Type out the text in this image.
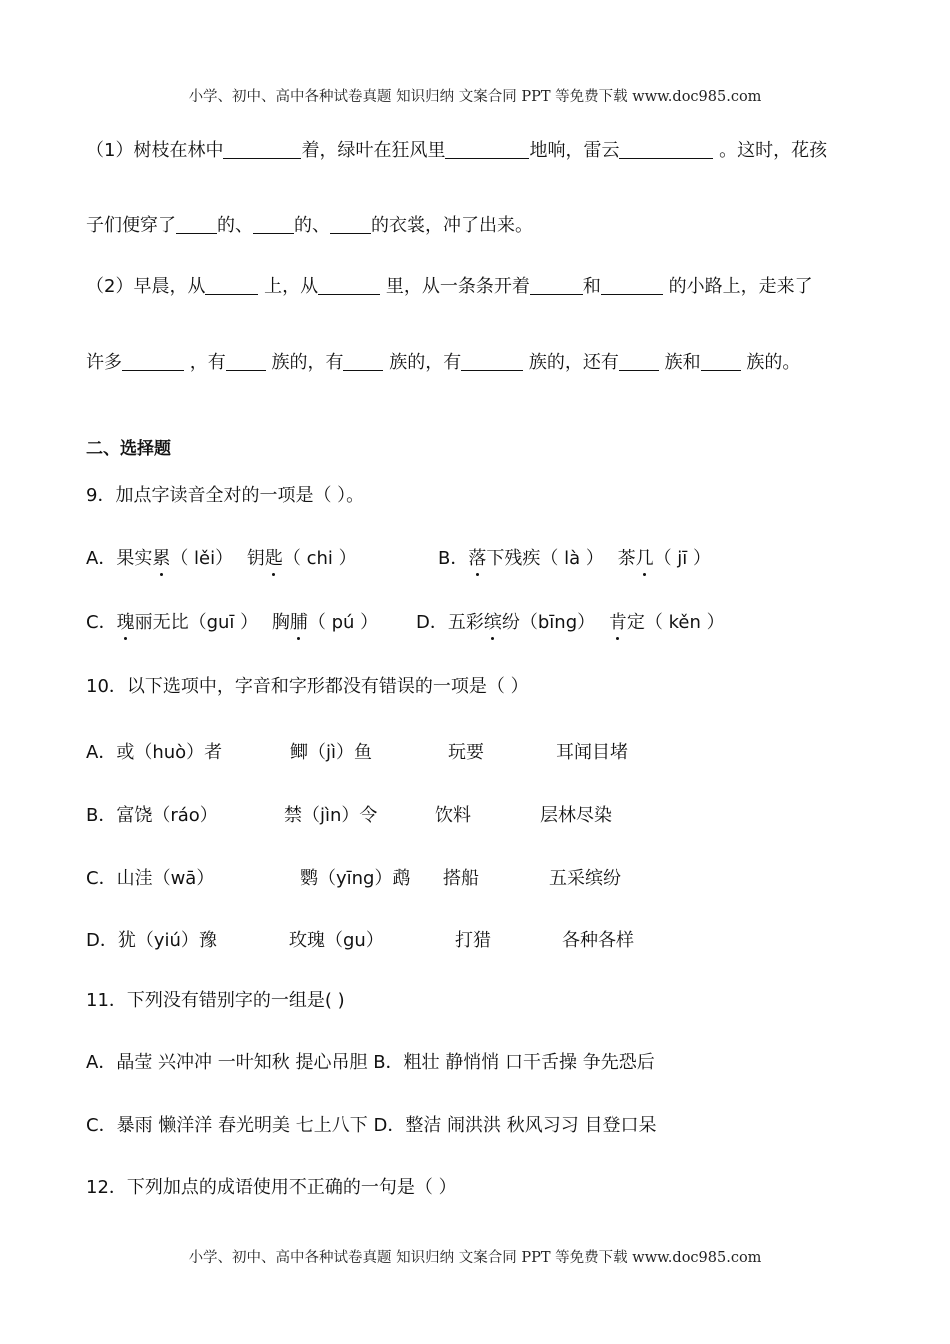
小学、初中、高中各种试卷真题 知识归纳 文案合同 PPT 等免费下载 www.doc985.com
（1）树枝在林中	着，绿叶在狂风里	地响，雷云	。这时，花孩
子们便穿了 的、 的、 的衣裳，冲了出来。
（2）早晨，从	上，从	里，从一条条开着	和	的小路上，走来了
许多	，有 族的，有 族的，有	族的，还有 族和 族的。
二、选择题
9．加点字读音全对的一项是（ ）。
A．果实累（ lěi） 钥匙（ chi ）	B．落下残疾（ là ） 茶几（ jī ）
C．瑰丽无比（guī ） 胸脯（ pú ） D．五彩缤纷（bīng） 肯定（ kěn ）
10．以下选项中，字音和字形都没有错误的一项是（ ）
A．或（huò）者	鲫（jì）鱼	玩要	耳闻目堵
B．富饶（ráo）	禁（jìn）令	饮料	层林尽染
C．山洼（wā）	鹦（yīng）鹉 搭船	五采缤纷
D．犹（yiú）豫	玫瑰（gu）	打猎	各种各样
11．下列没有错别字的一组是( )
A．晶莹 兴冲冲 一叶知秋 提心吊胆 B．粗壮 静悄悄 口干舌操 争先恐后
C．暴雨 懒洋洋 春光明美 七上八下 D．整洁 闹洪洪 秋风习习 目登口呆
12．下列加点的成语使用不正确的一句是（ ）
小学、初中、高中各种试卷真题 知识归纳 文案合同 PPT 等免费下载 www.doc985.com
